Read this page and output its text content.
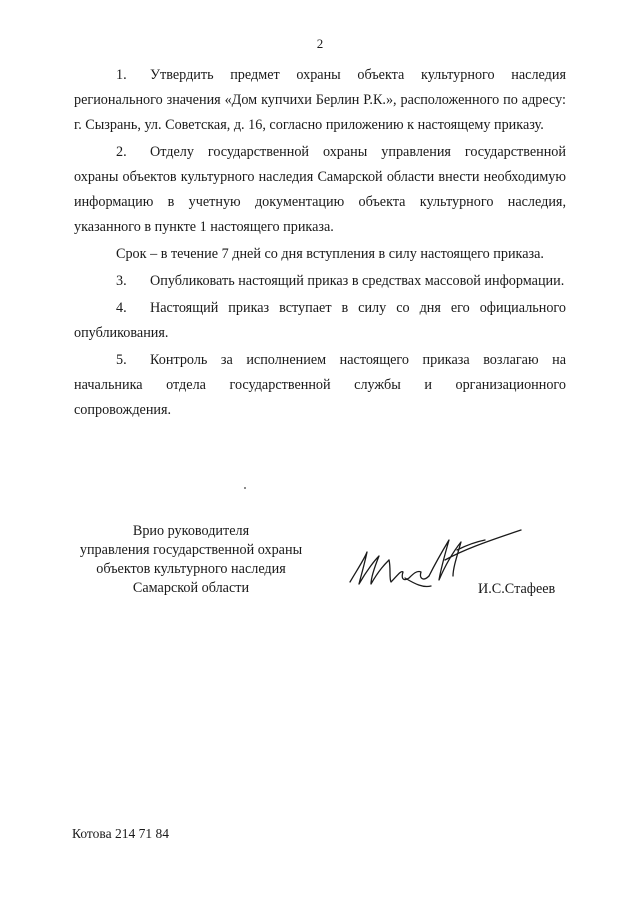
2

1. Утвердить предмет охраны объекта культурного наследия регионального значения «Дом купчихи Берлин Р.К.», расположенного по адресу: г. Сызрань, ул. Советская, д. 16, согласно приложению к настоящему приказу.

2. Отделу государственной охраны управления государственной охраны объектов культурного наследия Самарской области внести необходимую информацию в учетную документацию объекта культурного наследия, указанного в пункте 1 настоящего приказа.

Срок – в течение 7 дней со дня вступления в силу настоящего приказа.

3. Опубликовать настоящий приказ в средствах массовой информации.

4. Настоящий приказ вступает в силу со дня его официального опубликования.

5. Контроль за исполнением настоящего приказа возлагаю на начальника отдела государственной службы и организационного сопровождения.

Врио руководителя
управления государственной охраны
объектов культурного наследия
Самарской области	И.С.Стафеев
Котова 214 71 84
